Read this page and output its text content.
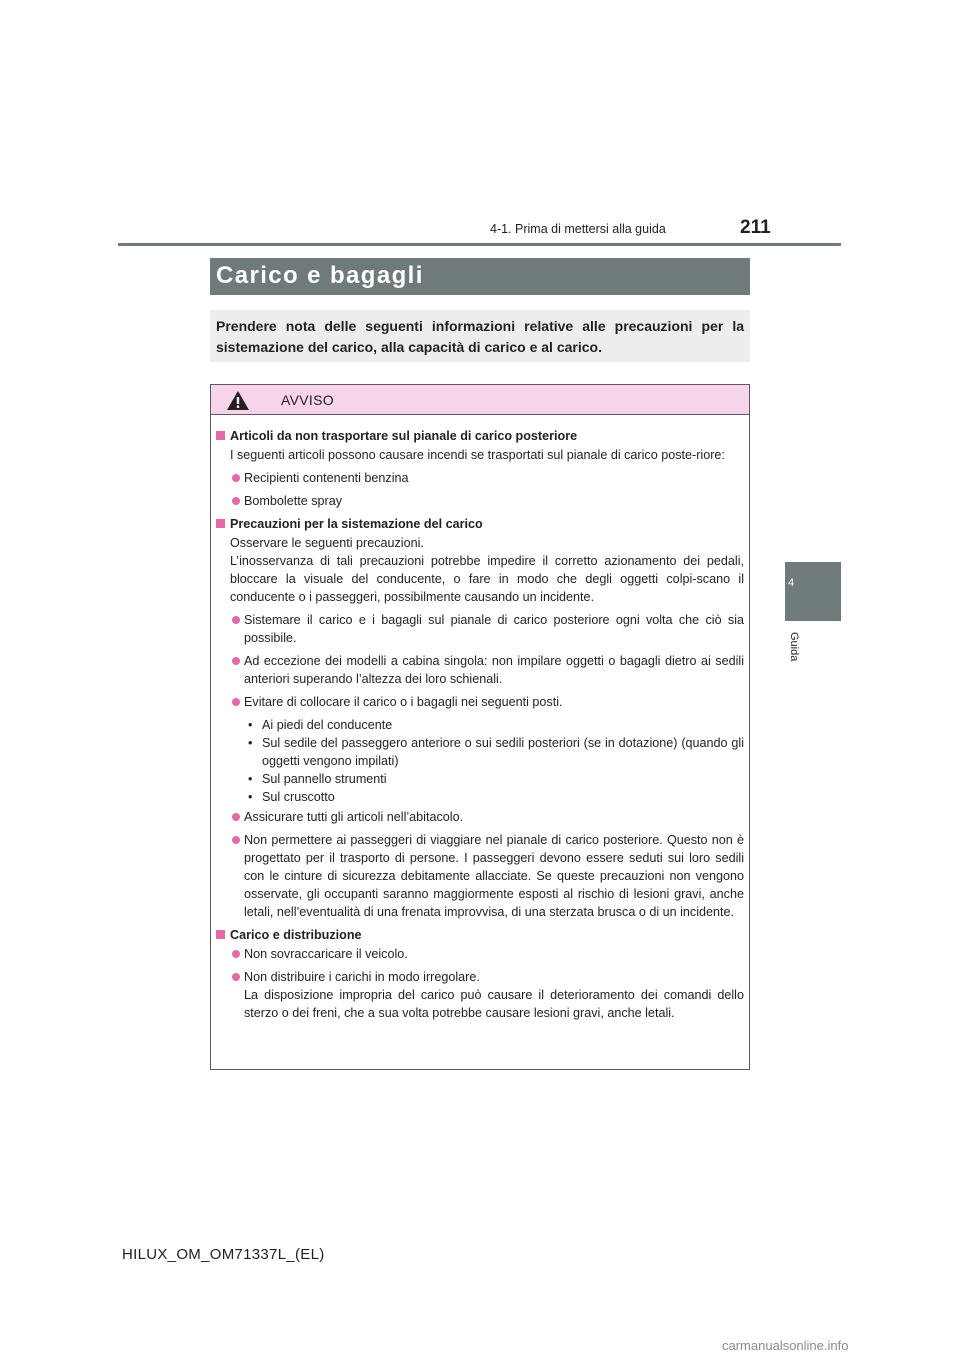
4-1. Prima di mettersi alla guida	211
4
Guida
Carico e bagagli
Prendere nota delle seguenti informazioni relative alle precauzioni per la sistemazione del carico, alla capacità di carico e al carico.
AVVISO
Articoli da non trasportare sul pianale di carico posteriore
I seguenti articoli possono causare incendi se trasportati sul pianale di carico poste-riore:
Recipienti contenenti benzina
Bombolette spray
Precauzioni per la sistemazione del carico
Osservare le seguenti precauzioni.
L’inosservanza di tali precauzioni potrebbe impedire il corretto azionamento dei pedali, bloccare la visuale del conducente, o fare in modo che degli oggetti colpi-scano il conducente o i passeggeri, possibilmente causando un incidente.
Sistemare il carico e i bagagli sul pianale di carico posteriore ogni volta che ciò sia possibile.
Ad eccezione dei modelli a cabina singola: non impilare oggetti o bagagli dietro ai sedili anteriori superando l’altezza dei loro schienali.
Evitare di collocare il carico o i bagagli nei seguenti posti.
• Ai piedi del conducente
• Sul sedile del passeggero anteriore o sui sedili posteriori (se in dotazione) (quando gli oggetti vengono impilati)
• Sul pannello strumenti
• Sul cruscotto
Assicurare tutti gli articoli nell’abitacolo.
Non permettere ai passeggeri di viaggiare nel pianale di carico posteriore. Questo non è progettato per il trasporto di persone. I passeggeri devono essere seduti sui loro sedili con le cinture di sicurezza debitamente allacciate. Se queste precauzioni non vengono osservate, gli occupanti saranno maggiormente esposti al rischio di lesioni gravi, anche letali, nell’eventualità di una frenata improvvisa, di una sterzata brusca o di un incidente.
Carico e distribuzione
Non sovraccaricare il veicolo.
Non distribuire i carichi in modo irregolare.
La disposizione impropria del carico può causare il deterioramento dei comandi dello sterzo o dei freni, che a sua volta potrebbe causare lesioni gravi, anche letali.
HILUX_OM_OM71337L_(EL)
carmanualsonline.info
